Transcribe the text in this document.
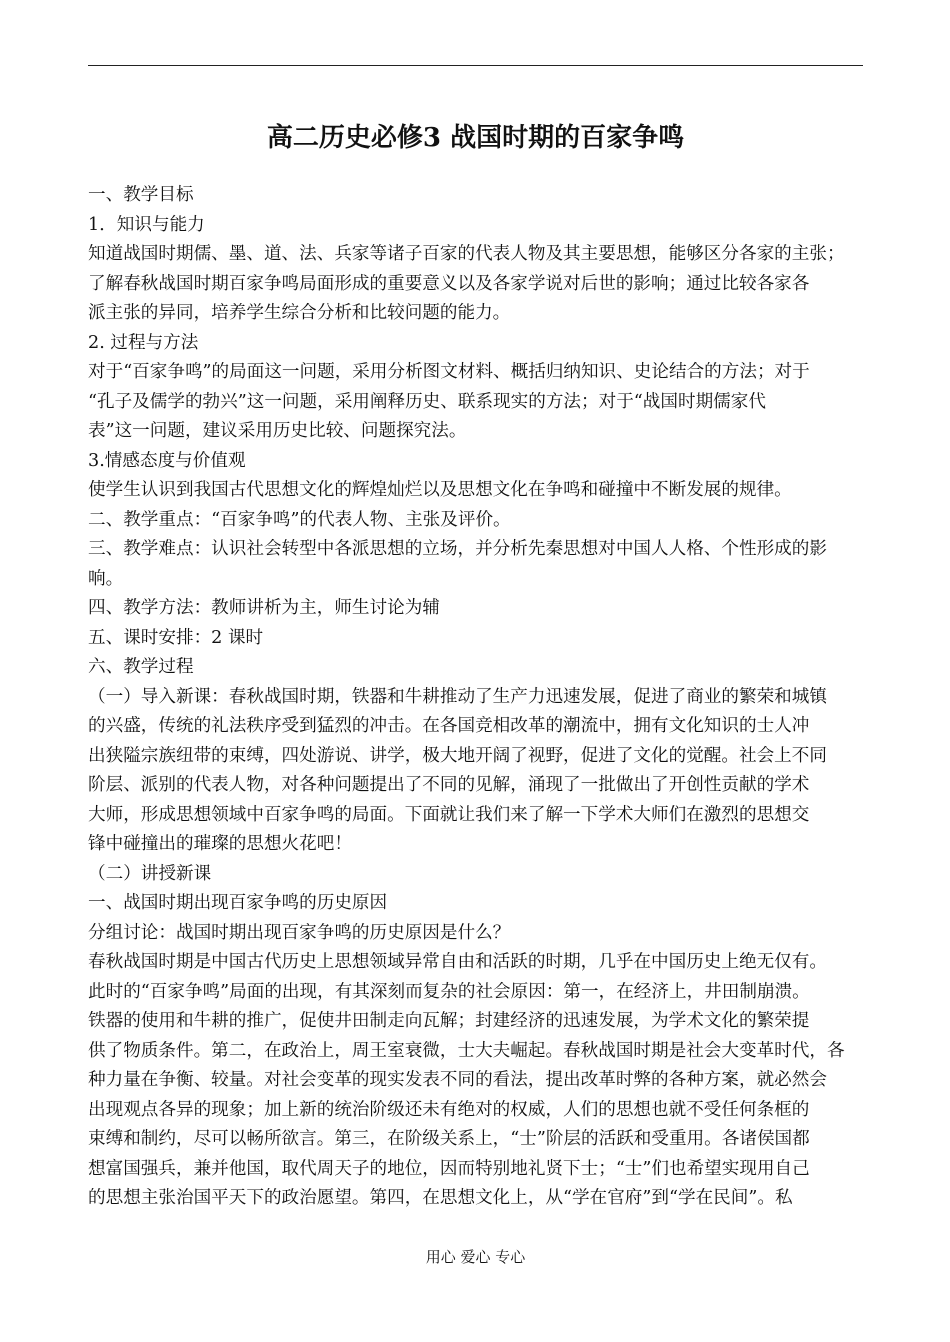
高二历史必修3 战国时期的百家争鸣
一、教学目标
1．知识与能力
知道战国时期儒、墨、道、法、兵家等诸子百家的代表人物及其主要思想，能够区分各家的主张；
了解春秋战国时期百家争鸣局面形成的重要意义以及各家学说对后世的影响；通过比较各家各
派主张的异同，培养学生综合分析和比较问题的能力。
2. 过程与方法
对于“百家争鸣”的局面这一问题，采用分析图文材料、概括归纳知识、史论结合的方法；对于
“孔子及儒学的勃兴”这一问题，采用阐释历史、联系现实的方法；对于“战国时期儒家代
表”这一问题，建议采用历史比较、问题探究法。
3.情感态度与价值观
使学生认识到我国古代思想文化的辉煌灿烂以及思想文化在争鸣和碰撞中不断发展的规律。
二、教学重点：“百家争鸣”的代表人物、主张及评价。
三、教学难点：认识社会转型中各派思想的立场，并分析先秦思想对中国人人格、个性形成的影
响。
四、教学方法：教师讲析为主，师生讨论为辅
五、课时安排：2 课时
六、教学过程
（一）导入新课：春秋战国时期，铁器和牛耕推动了生产力迅速发展，促进了商业的繁荣和城镇
的兴盛，传统的礼法秩序受到猛烈的冲击。在各国竞相改革的潮流中，拥有文化知识的士人冲
出狭隘宗族纽带的束缚，四处游说、讲学，极大地开阔了视野，促进了文化的觉醒。社会上不同
阶层、派别的代表人物，对各种问题提出了不同的见解，涌现了一批做出了开创性贡献的学术
大师，形成思想领域中百家争鸣的局面。下面就让我们来了解一下学术大师们在激烈的思想交
锋中碰撞出的璀璨的思想火花吧！
（二）讲授新课
一、战国时期出现百家争鸣的历史原因
分组讨论：战国时期出现百家争鸣的历史原因是什么？
春秋战国时期是中国古代历史上思想领域异常自由和活跃的时期，几乎在中国历史上绝无仅有。
此时的“百家争鸣”局面的出现，有其深刻而复杂的社会原因：第一，在经济上，井田制崩溃。
铁器的使用和牛耕的推广，促使井田制走向瓦解；封建经济的迅速发展，为学术文化的繁荣提
供了物质条件。第二，在政治上，周王室衰微，士大夫崛起。春秋战国时期是社会大变革时代，各
种力量在争衡、较量。对社会变革的现实发表不同的看法，提出改革时弊的各种方案，就必然会
出现观点各异的现象；加上新的统治阶级还未有绝对的权威，人们的思想也就不受任何条框的
束缚和制约，尽可以畅所欲言。第三，在阶级关系上，“士”阶层的活跃和受重用。各诸侯国都
想富国强兵，兼并他国，取代周天子的地位，因而特别地礼贤下士；“士”们也希望实现用自己
的思想主张治国平天下的政治愿望。第四，在思想文化上，从“学在官府”到“学在民间”。私
用心 爱心 专心
